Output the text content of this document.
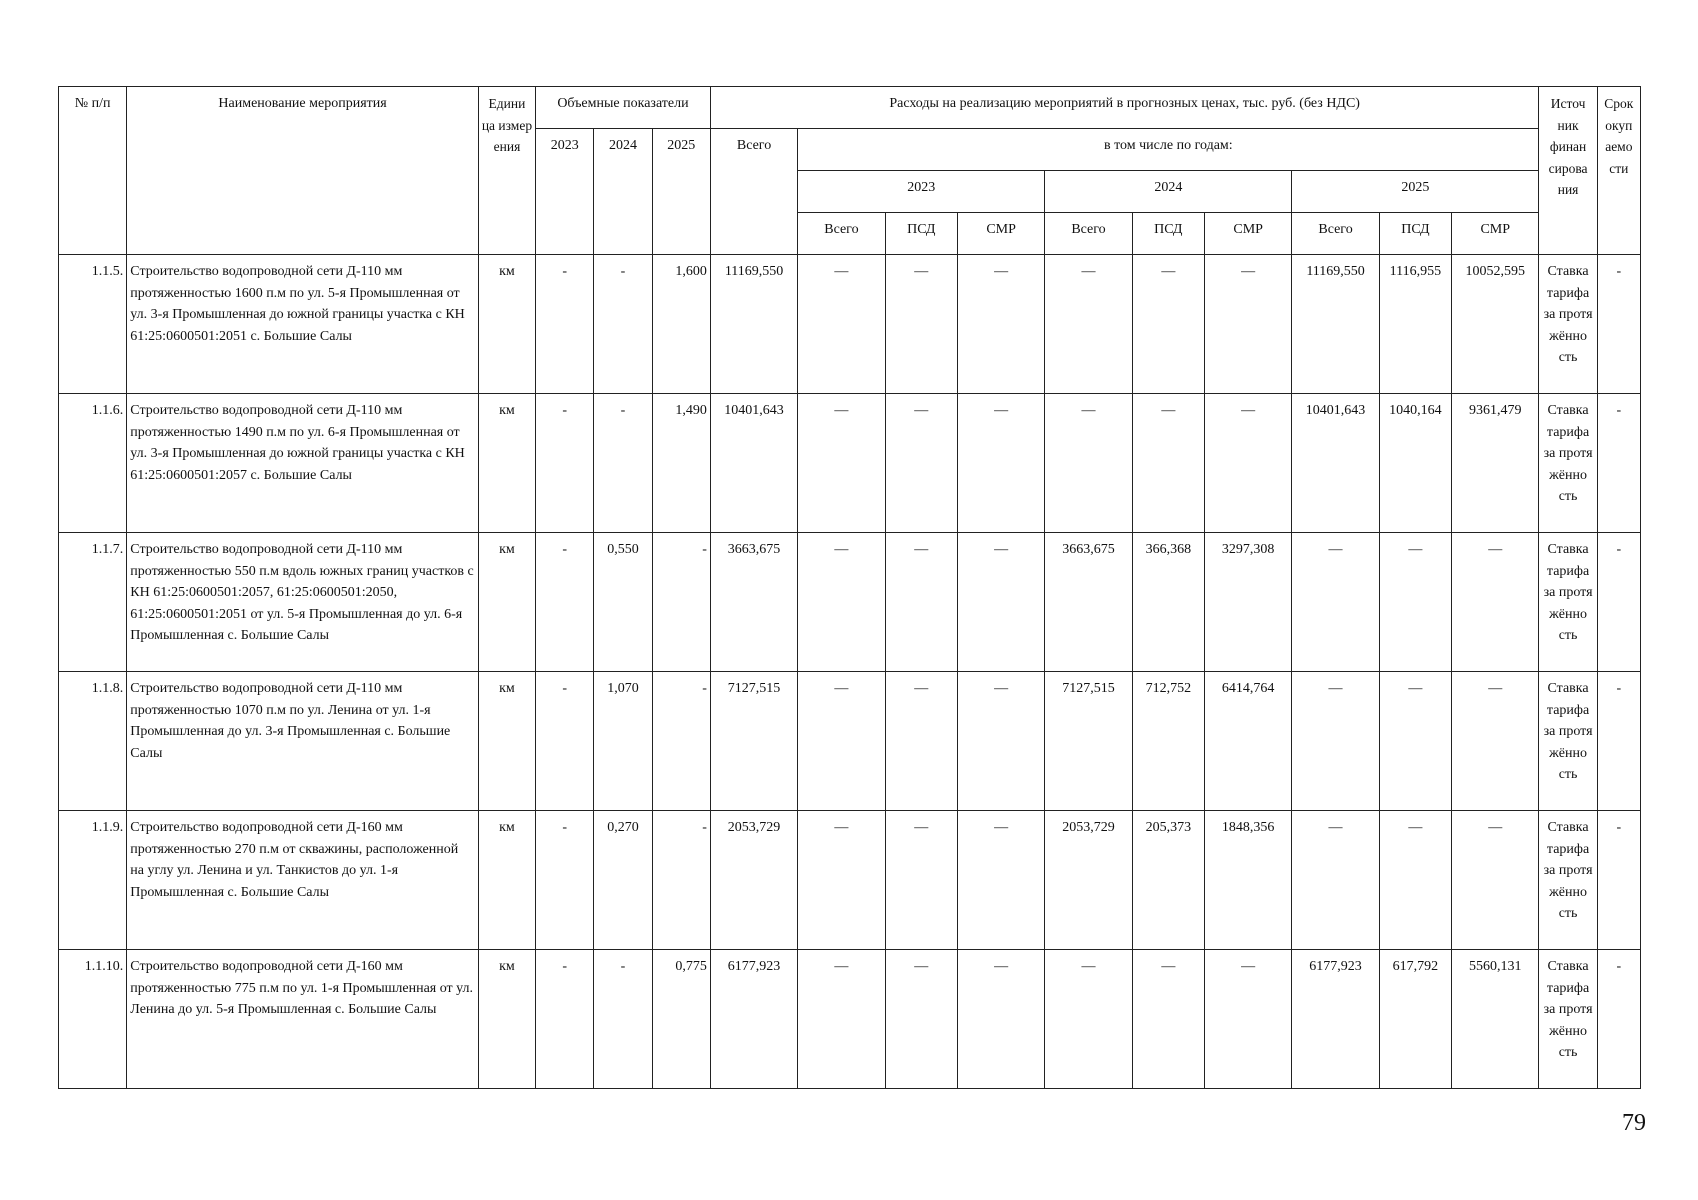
№ п/п	Наименование мероприятия	Едини ца измер ения	Объемные показатели			Расходы на реализацию мероприятий в прогнозных ценах, тыс. руб. (без НДС)										Источ ник финан сирова ния	Срок окуп аемо сти
			2023	2024	2025	Всего	в том числе по годам:										
							2023			2024			2025				
							Всего	ПСД	СМР	Всего	ПСД	СМР	Всего	ПСД	СМР		
1.1.5.	Строительство водопроводной сети Д-110 мм протяженностью 1600 п.м по ул. 5-я Промышленная от ул. 3-я Промышленная до южной границы участка с КН 61:25:0600501:2051 с. Большие Салы	км	-	-	1,600	11169,550	—	—	—	—	—	—	11169,550	1116,955	10052,595	Ставка тарифа за протя жённо сть	-
1.1.6.	Строительство водопроводной сети Д-110 мм протяженностью 1490 п.м по ул. 6-я Промышленная от ул. 3-я Промышленная до южной границы участка с КН 61:25:0600501:2057 с. Большие Салы	км	-	-	1,490	10401,643	—	—	—	—	—	—	10401,643	1040,164	9361,479	Ставка тарифа за протя жённо сть	-
1.1.7.	Строительство водопроводной сети Д-110 мм протяженностью 550 п.м вдоль южных границ участков с КН 61:25:0600501:2057, 61:25:0600501:2050, 61:25:0600501:2051 от ул. 5-я Промышленная до ул. 6-я Промышленная с. Большие Салы	км	-	0,550	-	3663,675	—	—	—	3663,675	366,368	3297,308	—	—	—	Ставка тарифа за протя жённо сть	-
1.1.8.	Строительство водопроводной сети Д-110 мм протяженностью 1070 п.м по ул. Ленина от ул. 1-я Промышленная до ул. 3-я Промышленная с. Большие Салы	км	-	1,070	-	7127,515	—	—	—	7127,515	712,752	6414,764	—	—	—	Ставка тарифа за протя жённо сть	-
1.1.9.	Строительство водопроводной сети Д-160 мм протяженностью 270 п.м от скважины, расположенной на углу ул. Ленина и ул. Танкистов до ул. 1-я Промышленная с. Большие Салы	км	-	0,270	-	2053,729	—	—	—	2053,729	205,373	1848,356	—	—	—	Ставка тарифа за протя жённо сть	-
1.1.10.	Строительство водопроводной сети Д-160 мм протяженностью 775 п.м по ул. 1-я Промышленная от ул. Ленина до ул. 5-я Промышленная с. Большие Салы	км	-	-	0,775	6177,923	—	—	—	—	—	—	6177,923	617,792	5560,131	Ставка тарифа за протя жённо сть	-
79
